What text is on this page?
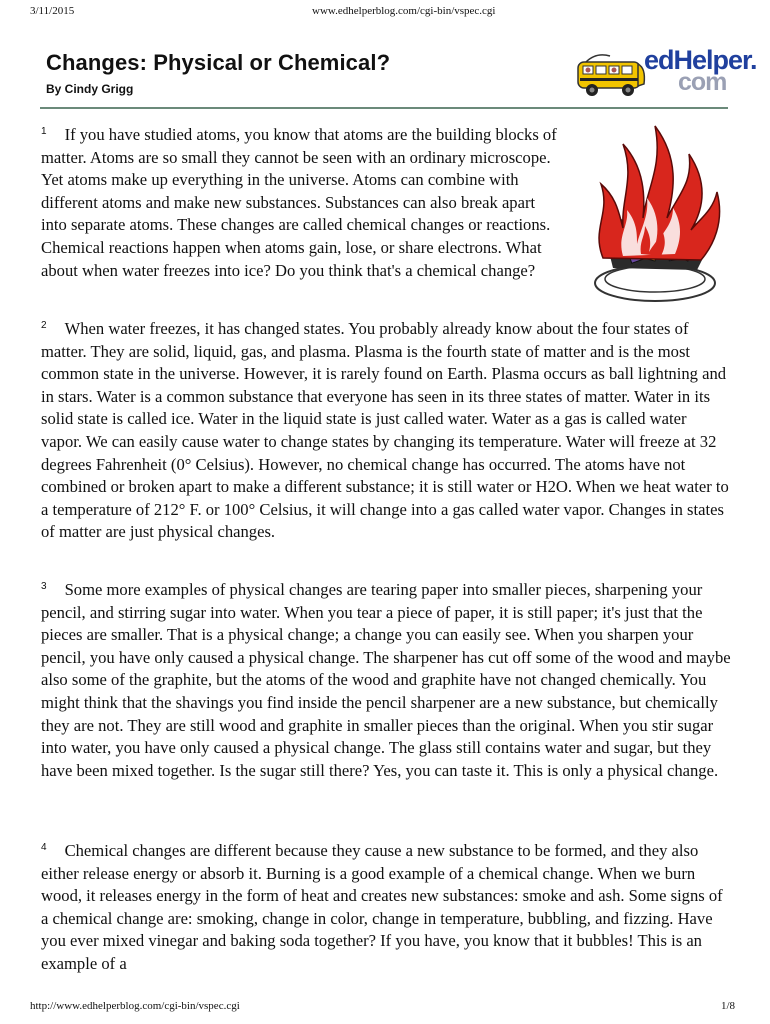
3/11/2015	www.edhelperblog.com/cgi-bin/vspec.cgi
Changes: Physical or Chemical?
By Cindy Grigg
edHelper.
com

$^1$ If you have studied atoms, you know that atoms are the building blocks of matter. Atoms are so small they cannot be seen with an ordinary microscope. Yet atoms make up everything in the universe. Atoms can combine with different atoms and make new substances. Substances can also break apart into separate atoms. These changes are called chemical changes or reactions. Chemical reactions happen when atoms gain, lose, or share electrons. What about when water freezes into ice? Do you think that's a chemical change?

$^2$ When water freezes, it has changed states. You probably already know about the four states of matter. They are solid, liquid, gas, and plasma. Plasma is the fourth state of matter and is the most common state in the universe. However, it is rarely found on Earth. Plasma occurs as ball lightning and in stars. Water is a common substance that everyone has seen in its three states of matter. Water in its solid state is called ice. Water in the liquid state is just called water. Water as a gas is called water vapor. We can easily cause water to change states by changing its temperature. Water will freeze at 32 degrees Fahrenheit (0° Celsius). However, no chemical change has occurred. The atoms have not combined or broken apart to make a different substance; it is still water or H2O. When we heat water to a temperature of 212° F. or 100° Celsius, it will change into a gas called water vapor. Changes in states of matter are just physical changes.

$^3$ Some more examples of physical changes are tearing paper into smaller pieces, sharpening your pencil, and stirring sugar into water. When you tear a piece of paper, it is still paper; it's just that the pieces are smaller. That is a physical change; a change you can easily see. When you sharpen your pencil, you have only caused a physical change. The sharpener has cut off some of the wood and maybe also some of the graphite, but the atoms of the wood and graphite have not changed chemically. You might think that the shavings you find inside the pencil sharpener are a new substance, but chemically they are not. They are still wood and graphite in smaller pieces than the original. When you stir sugar into water, you have only caused a physical change. The glass still contains water and sugar, but they have been mixed together. Is the sugar still there? Yes, you can taste it. This is only a physical change.

$^4$ Chemical changes are different because they cause a new substance to be formed, and they also either release energy or absorb it. Burning is a good example of a chemical change. When we burn wood, it releases energy in the form of heat and creates new substances: smoke and ash. Some signs of a chemical change are: smoking, change in color, change in temperature, bubbling, and fizzing. Have you ever mixed vinegar and baking soda together? If you have, you know that it bubbles! This is an example of a

http://www.edhelperblog.com/cgi-bin/vspec.cgi	1/8
